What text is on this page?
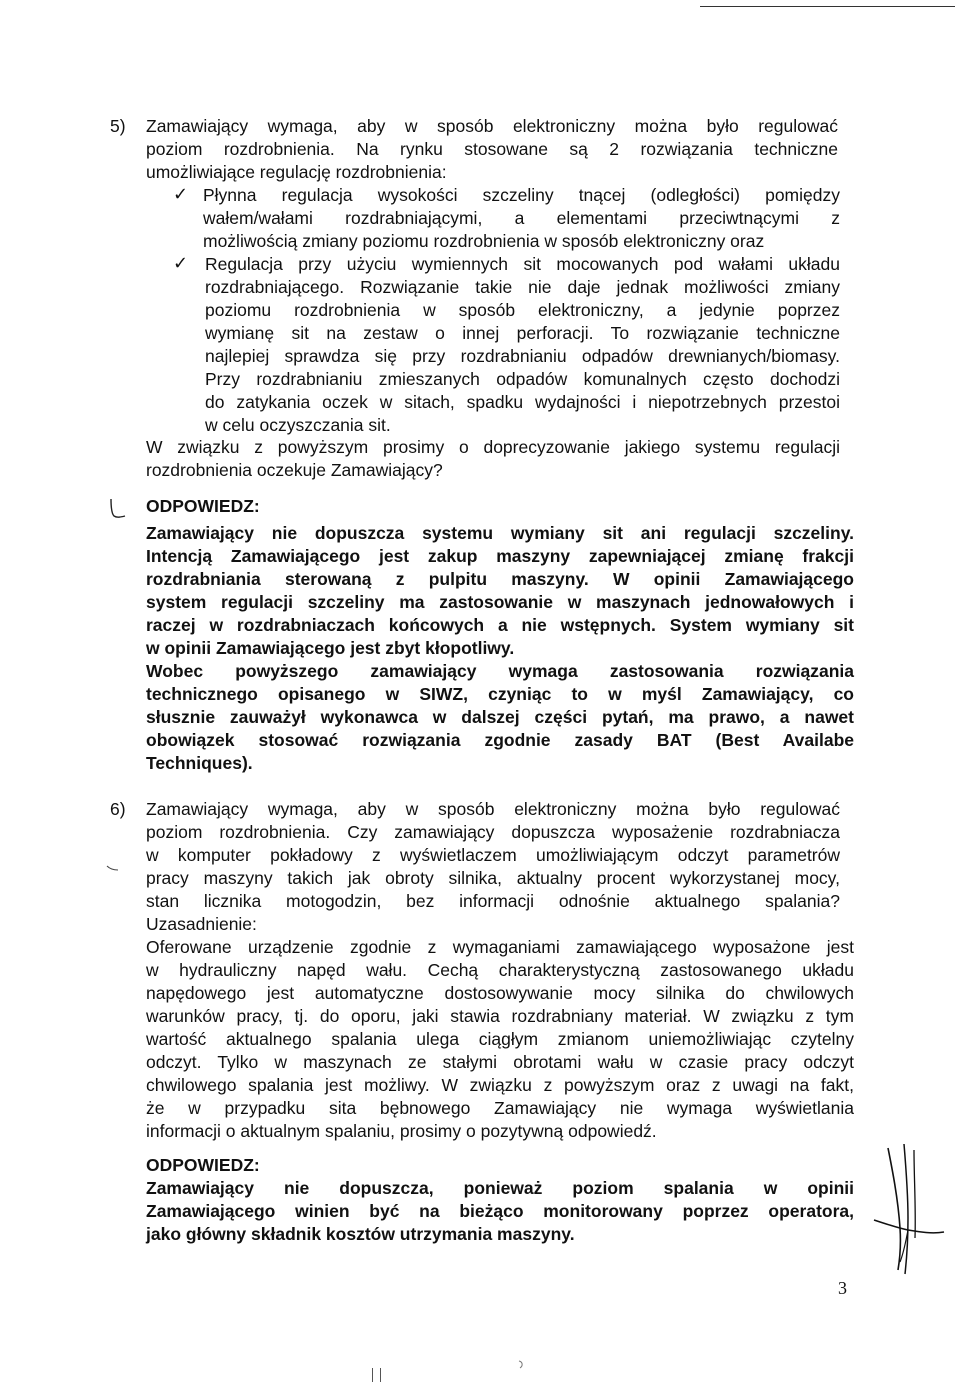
5) Zamawiający wymaga, aby w sposób elektroniczny można było regulować
poziom rozdrobnienia. Na rynku stosowane są 2 rozwiązania techniczne
umożliwiające regulację rozdrobnienia:
✓ Płynna regulacja wysokości szczeliny tnącej (odległości) pomiędzy
wałem/wałami rozdrabniającymi, a elementami przeciwtnącymi z
możliwością zmiany poziomu rozdrobnienia w sposób elektroniczny oraz
✓ Regulacja przy użyciu wymiennych sit mocowanych pod wałami układu
rozdrabniającego. Rozwiązanie takie nie daje jednak możliwości zmiany
poziomu rozdrobnienia w sposób elektroniczny, a jedynie poprzez
wymianę sit na zestaw o innej perforacji. To rozwiązanie techniczne
najlepiej sprawdza się przy rozdrabnianiu odpadów drewnianych/biomasy.
Przy rozdrabnianiu zmieszanych odpadów komunalnych często dochodzi
do zatykania oczek w sitach, spadku wydajności i niepotrzebnych przestoi
w celu oczyszczania sit.
W związku z powyższym prosimy o doprecyzowanie jakiego systemu regulacji
rozdrobnienia oczekuje Zamawiający?
ODPOWIEDZ:
Zamawiający nie dopuszcza systemu wymiany sit ani regulacji szczeliny.
Intencją Zamawiającego jest zakup maszyny zapewniającej zmianę frakcji
rozdrabniania sterowaną z pulpitu maszyny. W opinii Zamawiającego
system regulacji szczeliny ma zastosowanie w maszynach jednowałowych i
raczej w rozdrabniaczach końcowych a nie wstępnych. System wymiany sit
w opinii Zamawiającego jest zbyt kłopotliwy.
Wobec powyższego zamawiający wymaga zastosowania rozwiązania
technicznego opisanego w SIWZ, czyniąc to w myśl Zamawiający, co
słusznie zauważył wykonawca w dalszej części pytań, ma prawo, a nawet
obowiązek stosować rozwiązania zgodnie zasady BAT (Best Availabe
Techniques).
6) Zamawiający wymaga, aby w sposób elektroniczny można było regulować
poziom rozdrobnienia. Czy zamawiający dopuszcza wyposażenie rozdrabniacza
w komputer pokładowy z wyświetlaczem umożliwiającym odczyt parametrów
pracy maszyny takich jak obroty silnika, aktualny procent wykorzystanej mocy,
stan licznika motogodzin, bez informacji odnośnie aktualnego spalania?
Uzasadnienie:
Oferowane urządzenie zgodnie z wymaganiami zamawiającego wyposażone jest
w hydrauliczny napęd wału. Cechą charakterystyczną zastosowanego układu
napędowego jest automatyczne dostosowywanie mocy silnika do chwilowych
warunków pracy, tj. do oporu, jaki stawia rozdrabniany materiał. W związku z tym
wartość aktualnego spalania ulega ciągłym zmianom uniemożliwiając czytelny
odczyt. Tylko w maszynach ze stałymi obrotami wału w czasie pracy odczyt
chwilowego spalania jest możliwy. W związku z powyższym oraz z uwagi na fakt,
że w przypadku sita bębnowego Zamawiający nie wymaga wyświetlania
informacji o aktualnym spalaniu, prosimy o pozytywną odpowiedź.
ODPOWIEDZ:
Zamawiający nie dopuszcza, ponieważ poziom spalania w opinii
Zamawiającego winien być na bieżąco monitorowany poprzez operatora,
jako główny składnik kosztów utrzymania maszyny.
3
